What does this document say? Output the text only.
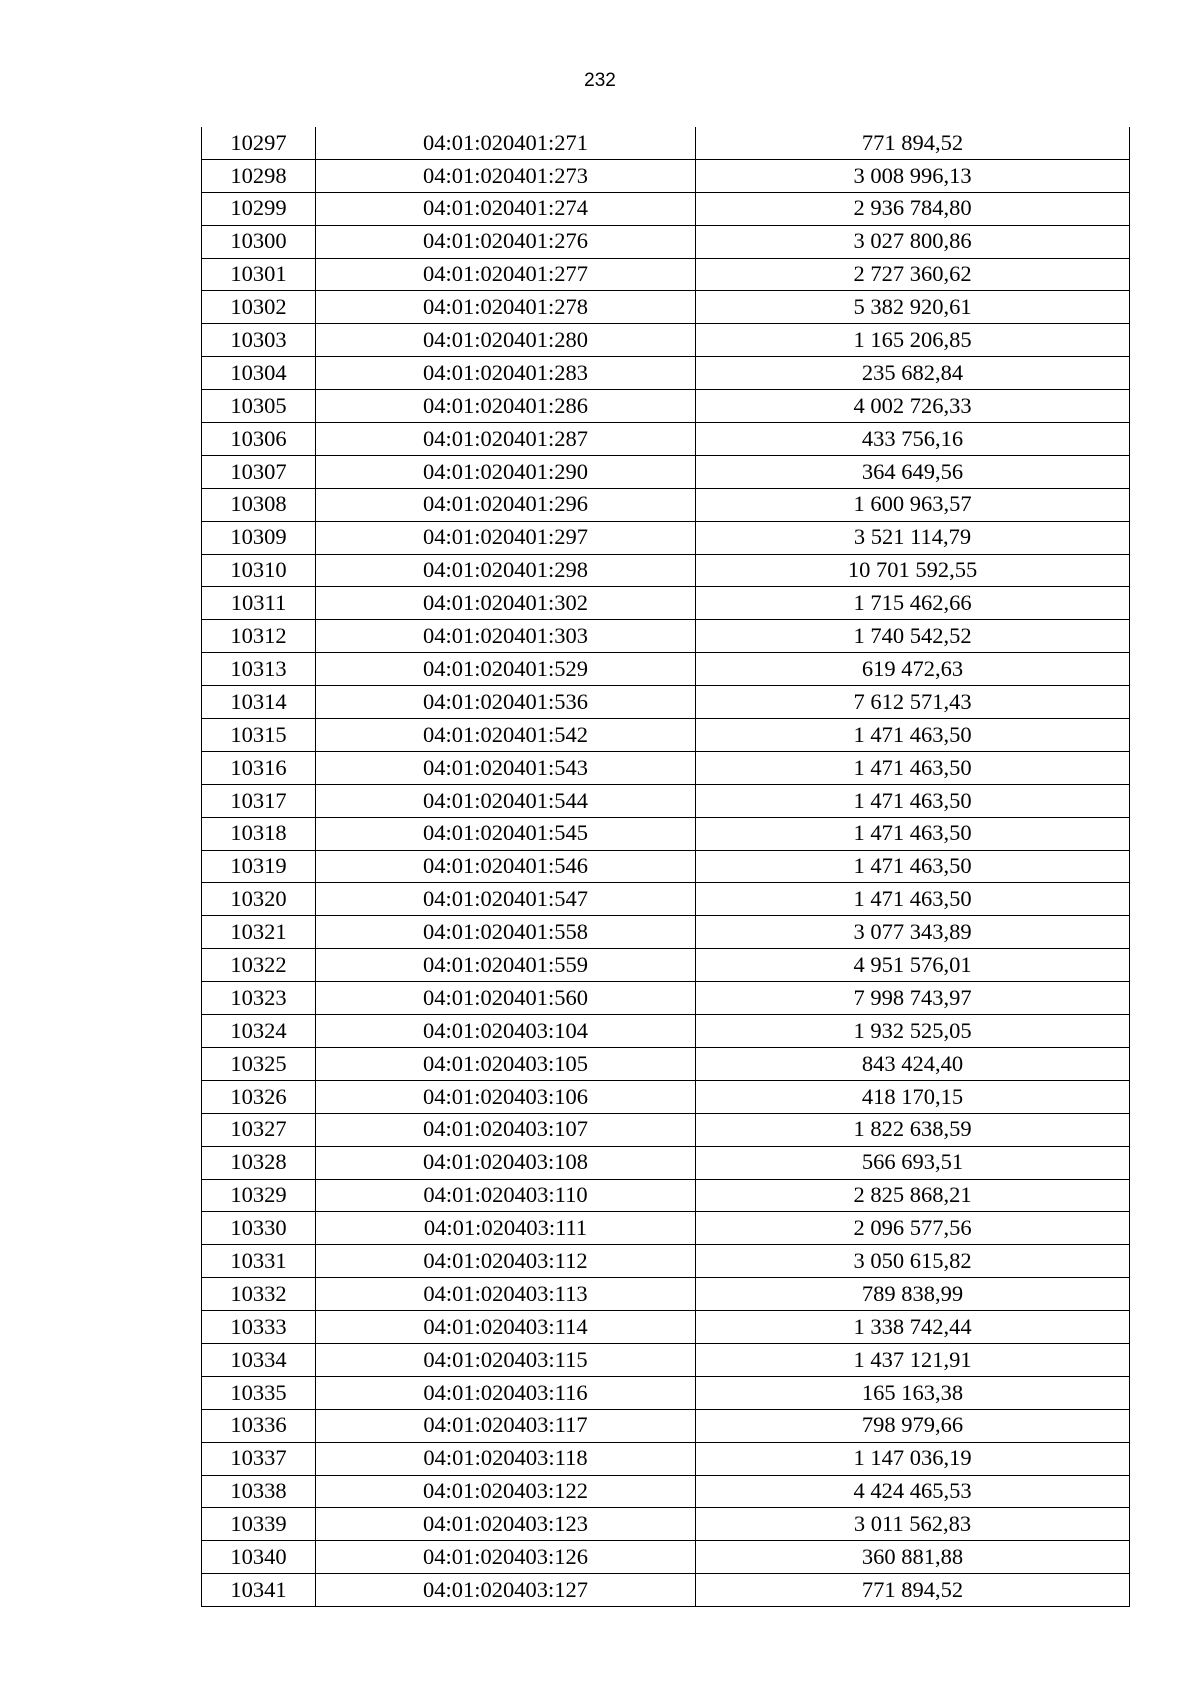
232
10297	04:01:020401:271	771 894,52
10298	04:01:020401:273	3 008 996,13
10299	04:01:020401:274	2 936 784,80
10300	04:01:020401:276	3 027 800,86
10301	04:01:020401:277	2 727 360,62
10302	04:01:020401:278	5 382 920,61
10303	04:01:020401:280	1 165 206,85
10304	04:01:020401:283	235 682,84
10305	04:01:020401:286	4 002 726,33
10306	04:01:020401:287	433 756,16
10307	04:01:020401:290	364 649,56
10308	04:01:020401:296	1 600 963,57
10309	04:01:020401:297	3 521 114,79
10310	04:01:020401:298	10 701 592,55
10311	04:01:020401:302	1 715 462,66
10312	04:01:020401:303	1 740 542,52
10313	04:01:020401:529	619 472,63
10314	04:01:020401:536	7 612 571,43
10315	04:01:020401:542	1 471 463,50
10316	04:01:020401:543	1 471 463,50
10317	04:01:020401:544	1 471 463,50
10318	04:01:020401:545	1 471 463,50
10319	04:01:020401:546	1 471 463,50
10320	04:01:020401:547	1 471 463,50
10321	04:01:020401:558	3 077 343,89
10322	04:01:020401:559	4 951 576,01
10323	04:01:020401:560	7 998 743,97
10324	04:01:020403:104	1 932 525,05
10325	04:01:020403:105	843 424,40
10326	04:01:020403:106	418 170,15
10327	04:01:020403:107	1 822 638,59
10328	04:01:020403:108	566 693,51
10329	04:01:020403:110	2 825 868,21
10330	04:01:020403:111	2 096 577,56
10331	04:01:020403:112	3 050 615,82
10332	04:01:020403:113	789 838,99
10333	04:01:020403:114	1 338 742,44
10334	04:01:020403:115	1 437 121,91
10335	04:01:020403:116	165 163,38
10336	04:01:020403:117	798 979,66
10337	04:01:020403:118	1 147 036,19
10338	04:01:020403:122	4 424 465,53
10339	04:01:020403:123	3 011 562,83
10340	04:01:020403:126	360 881,88
10341	04:01:020403:127	771 894,52
